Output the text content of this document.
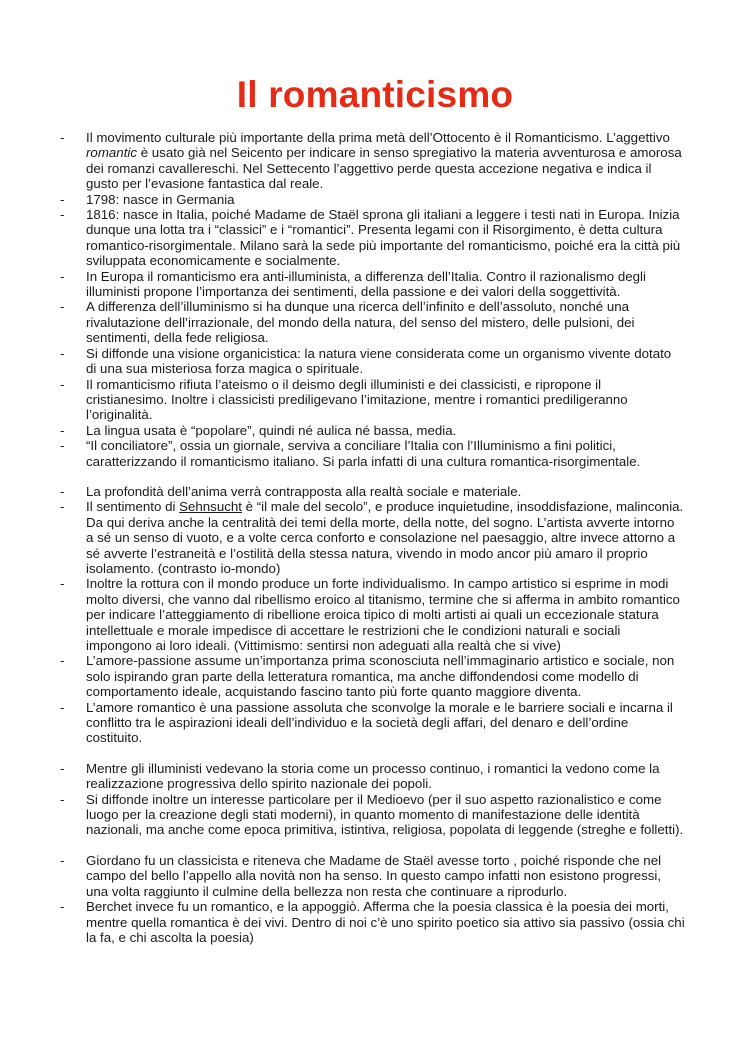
Il romanticismo
-	Il movimento culturale più importante della prima metà dell’Ottocento è il Romanticismo. L’aggettivo romantic è usato già nel Seicento per indicare in senso spregiativo la materia avventurosa e amorosa dei romanzi cavallereschi. Nel Settecento l’aggettivo perde questa accezione negativa e indica il gusto per l’evasione fantastica dal reale.
-	1798: nasce in Germania
-	1816: nasce in Italia, poiché Madame de Staël sprona gli italiani a leggere i testi nati in Europa. Inizia dunque una lotta tra i “classici” e i “romantici”. Presenta legami con il Risorgimento, è detta cultura romantico-risorgimentale. Milano sarà la sede più importante del romanticismo, poiché era la città più sviluppata economicamente e socialmente.
-	In Europa il romanticismo era anti-illuminista, a differenza dell’Italia. Contro il razionalismo degli illuministi propone l’importanza dei sentimenti, della passione e dei valori della soggettività.
-	A differenza dell’illuminismo si ha dunque una ricerca dell’infinito e dell’assoluto, nonché una rivalutazione dell’irrazionale, del mondo della natura, del senso del mistero, delle pulsioni, dei sentimenti, della fede religiosa.
-	Si diffonde una visione organicistica: la natura viene considerata come un organismo vivente dotato di una sua misteriosa forza magica o spirituale.
-	Il romanticismo rifiuta l’ateismo o il deismo degli illuministi e dei classicisti, e ripropone il cristianesimo. Inoltre i classicisti prediligevano l’imitazione, mentre i romantici prediligeranno l’originalità.
-	La lingua usata è “popolare”, quindi né aulica né bassa, media.
-	“Il conciliatore”, ossia un giornale, serviva a conciliare l’Italia con l’Illuminismo a fini politici, caratterizzando il romanticismo italiano. Si parla infatti di una cultura romantica-risorgimentale.
-	La profondità dell’anima verrà contrapposta alla realtà sociale e materiale.
-	Il sentimento di Sehnsucht è “il male del secolo”, e produce inquietudine, insoddisfazione, malinconia. Da qui deriva anche la centralità dei temi della morte, della notte, del sogno. L’artista avverte intorno a sé un senso di vuoto, e a volte cerca conforto e consolazione nel paesaggio, altre invece attorno a sé avverte l’estraneità e l’ostilità della stessa natura, vivendo in modo ancor più amaro il proprio isolamento. (contrasto io-mondo)
-	Inoltre la rottura con il mondo produce un forte individualismo. In campo artistico si esprime in modi molto diversi, che vanno dal ribellismo eroico al titanismo, termine che si afferma in ambito romantico per indicare l’atteggiamento di ribellione eroica tipico di molti artisti ai quali un eccezionale statura intellettuale e morale impedisce di accettare le restrizioni che le condizioni naturali e sociali impongono ai loro ideali. (Vittimismo: sentirsi non adeguati alla realtà che si vive)
-	L’amore-passione assume un’importanza prima sconosciuta nell’immaginario artistico e sociale, non solo ispirando gran parte della letteratura romantica, ma anche diffondendosi come modello di comportamento ideale, acquistando fascino tanto più forte quanto maggiore diventa.
-	L’amore romantico è una passione assoluta che sconvolge la morale e le barriere sociali e incarna il conflitto tra le aspirazioni ideali dell’individuo e la società degli affari, del denaro e dell’ordine costituito.
-	Mentre gli illuministi vedevano la storia come un processo continuo, i romantici la vedono come la realizzazione progressiva dello spirito nazionale dei popoli.
-	Si diffonde inoltre un interesse particolare per il Medioevo (per il suo aspetto razionalistico e come luogo per la creazione degli stati moderni), in quanto momento di manifestazione delle identità nazionali, ma anche come epoca primitiva, istintiva, religiosa, popolata di leggende (streghe e folletti).
-	Giordano fu un classicista e riteneva che Madame de Staël avesse torto , poiché risponde che nel campo del bello l’appello alla novità non ha senso. In questo campo infatti non esistono progressi, una volta raggiunto il culmine della bellezza non resta che continuare a riprodurlo.
-	Berchet invece fu un romantico, e la appoggiò. Afferma che la poesia classica è la poesia dei morti, mentre quella romantica è dei vivi. Dentro di noi c’è uno spirito poetico sia attivo sia passivo (ossia chi la fa, e chi ascolta la poesia)
